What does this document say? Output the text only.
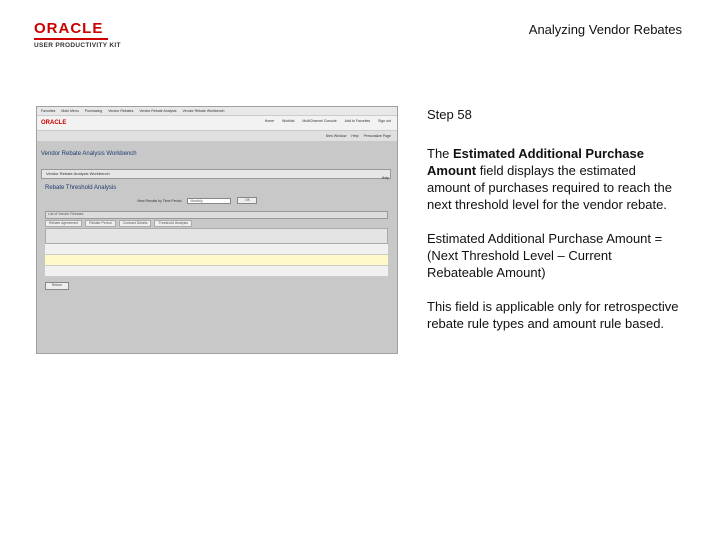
Analyzing Vendor Rebates
ORACLE
USER PRODUCTIVITY KIT
Favorites Main Menu Purchasing Vendor Rebates Vendor Rebate Analysis Vendor Rebate Workbench
ORACLE	Home Worklist MultiChannel Console Add to Favorites Sign out
New Window Help Personalize Page
Vendor Rebate Analysis Workbench
Vendor Rebate Analysis Workbench
Help
Rebate Threshold Analysis
View Results by Time Period	Monthly	OK
List of Vendor Rebates
Rebate Agreement	Rebate Period	Contract Details	Threshold Analysis
Return
Step 58
The Estimated Additional Purchase Amount field displays the estimated amount of purchases required to reach the next threshold level for the vendor rebate.
Estimated Additional Purchase Amount = (Next Threshold Level – Current Rebateable Amount)
This field is applicable only for retrospective rebate rule types and amount rule based.
